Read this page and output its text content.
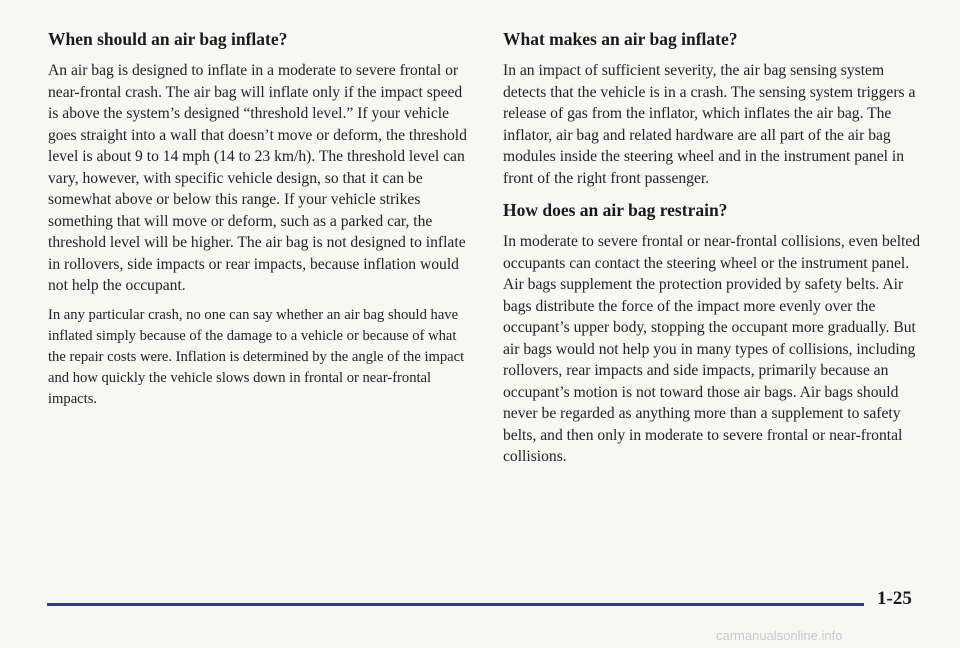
When should an air bag inflate?

An air bag is designed to inflate in a moderate to severe frontal or near-frontal crash. The air bag will inflate only if the impact speed is above the system’s designed “threshold level.” If your vehicle goes straight into a wall that doesn’t move or deform, the threshold level is about 9 to 14 mph (14 to 23 km/h). The threshold level can vary, however, with specific vehicle design, so that it can be somewhat above or below this range. If your vehicle strikes something that will move or deform, such as a parked car, the threshold level will be higher. The air bag is not designed to inflate in rollovers, side impacts or rear impacts, because inflation would not help the occupant.

In any particular crash, no one can say whether an air bag should have inflated simply because of the damage to a vehicle or because of what the repair costs were. Inflation is determined by the angle of the impact and how quickly the vehicle slows down in frontal or near-frontal impacts.

What makes an air bag inflate?

In an impact of sufficient severity, the air bag sensing system detects that the vehicle is in a crash. The sensing system triggers a release of gas from the inflator, which inflates the air bag. The inflator, air bag and related hardware are all part of the air bag modules inside the steering wheel and in the instrument panel in front of the right front passenger.

How does an air bag restrain?

In moderate to severe frontal or near-frontal collisions, even belted occupants can contact the steering wheel or the instrument panel. Air bags supplement the protection provided by safety belts. Air bags distribute the force of the impact more evenly over the occupant’s upper body, stopping the occupant more gradually. But air bags would not help you in many types of collisions, including rollovers, rear impacts and side impacts, primarily because an occupant’s motion is not toward those air bags. Air bags should never be regarded as anything more than a supplement to safety belts, and then only in moderate to severe frontal or near-frontal collisions.

1-25
carmanualsonline.info
